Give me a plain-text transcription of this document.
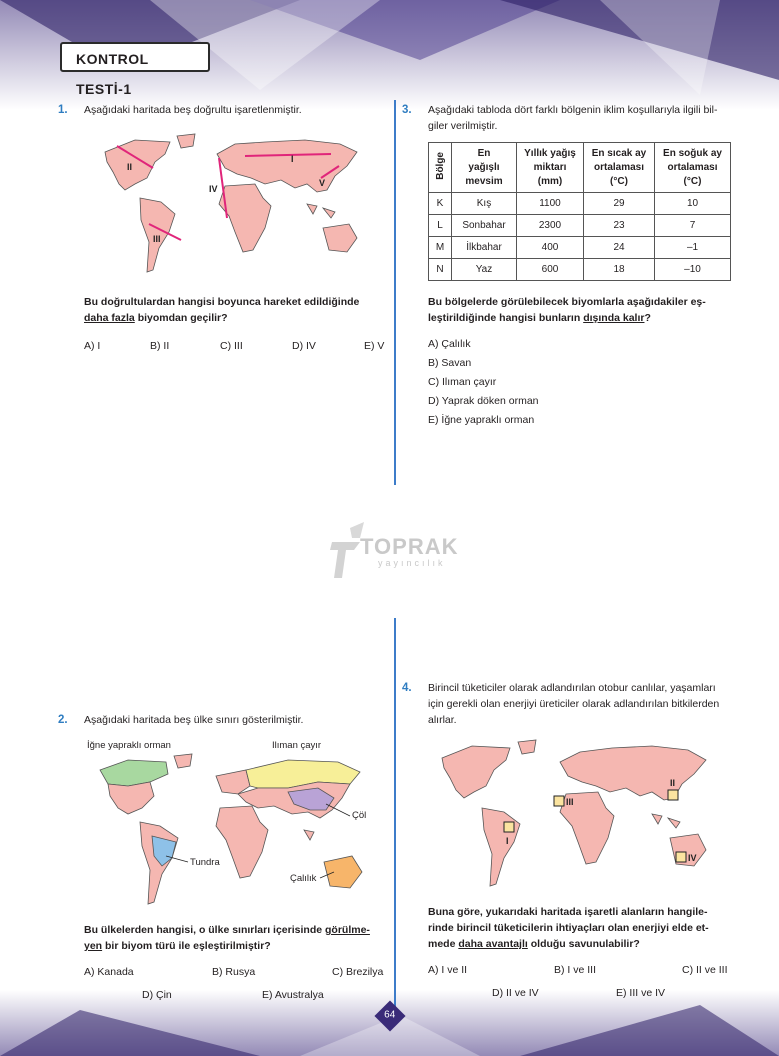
KONTROL TESTİ-1
TOPRAK
yayıncılık
1. Aşağıdaki haritada beş doğrultu işaretlenmiştir.
I
II
III
IV
V
Bu doğrultulardan hangisi boyunca hareket edildiğinde
daha fazla biyomdan geçilir?
A) I	B) II	C) III	D) IV	E) V
3. Aşağıdaki tabloda dört farklı bölgenin iklim koşullarıyla ilgili bil-
giler verilmiştir.
Bölge	En
yağışlı
mevsim	Yıllık yağış
miktarı
(mm)	En sıcak ay
ortalaması
(°C)	En soğuk ay
ortalaması
(°C)
K	Kış	1100	29	10
L	Sonbahar	2300	23	7
M	İlkbahar	400	24	–1
N	Yaz	600	18	–10
Bu bölgelerde görülebilecek biyomlarla aşağıdakiler eş-
leştirildiğinde hangisi bunların dışında kalır?
A) Çalılık
B) Savan
C) Ilıman çayır
D) Yaprak döken orman
E) İğne yapraklı orman
2. Aşağıdaki haritada beş ülke sınırı gösterilmiştir.
İğne yapraklı orman	Ilıman çayır
Çöl
Tundra
Çalılık
Bu ülkelerden hangisi, o ülke sınırları içerisinde görülme-
yen bir biyom türü ile eşleştirilmiştir?
A) Kanada	B) Rusya	C) Brezilya
D) Çin	E) Avustralya
4. Birincil tüketiciler olarak adlandırılan otobur canlılar, yaşamları
için gerekli olan enerjiyi üreticiler olarak adlandırılan bitkilerden
alırlar.
I
II
III
IV
Buna göre, yukarıdaki haritada işaretli alanların hangile-
rinde birincil tüketicilerin ihtiyaçları olan enerjiyi elde et-
mede daha avantajlı olduğu savunulabilir?
A) I ve II	B) I ve III	C) II ve III
D) II ve IV	E) III ve IV
64
